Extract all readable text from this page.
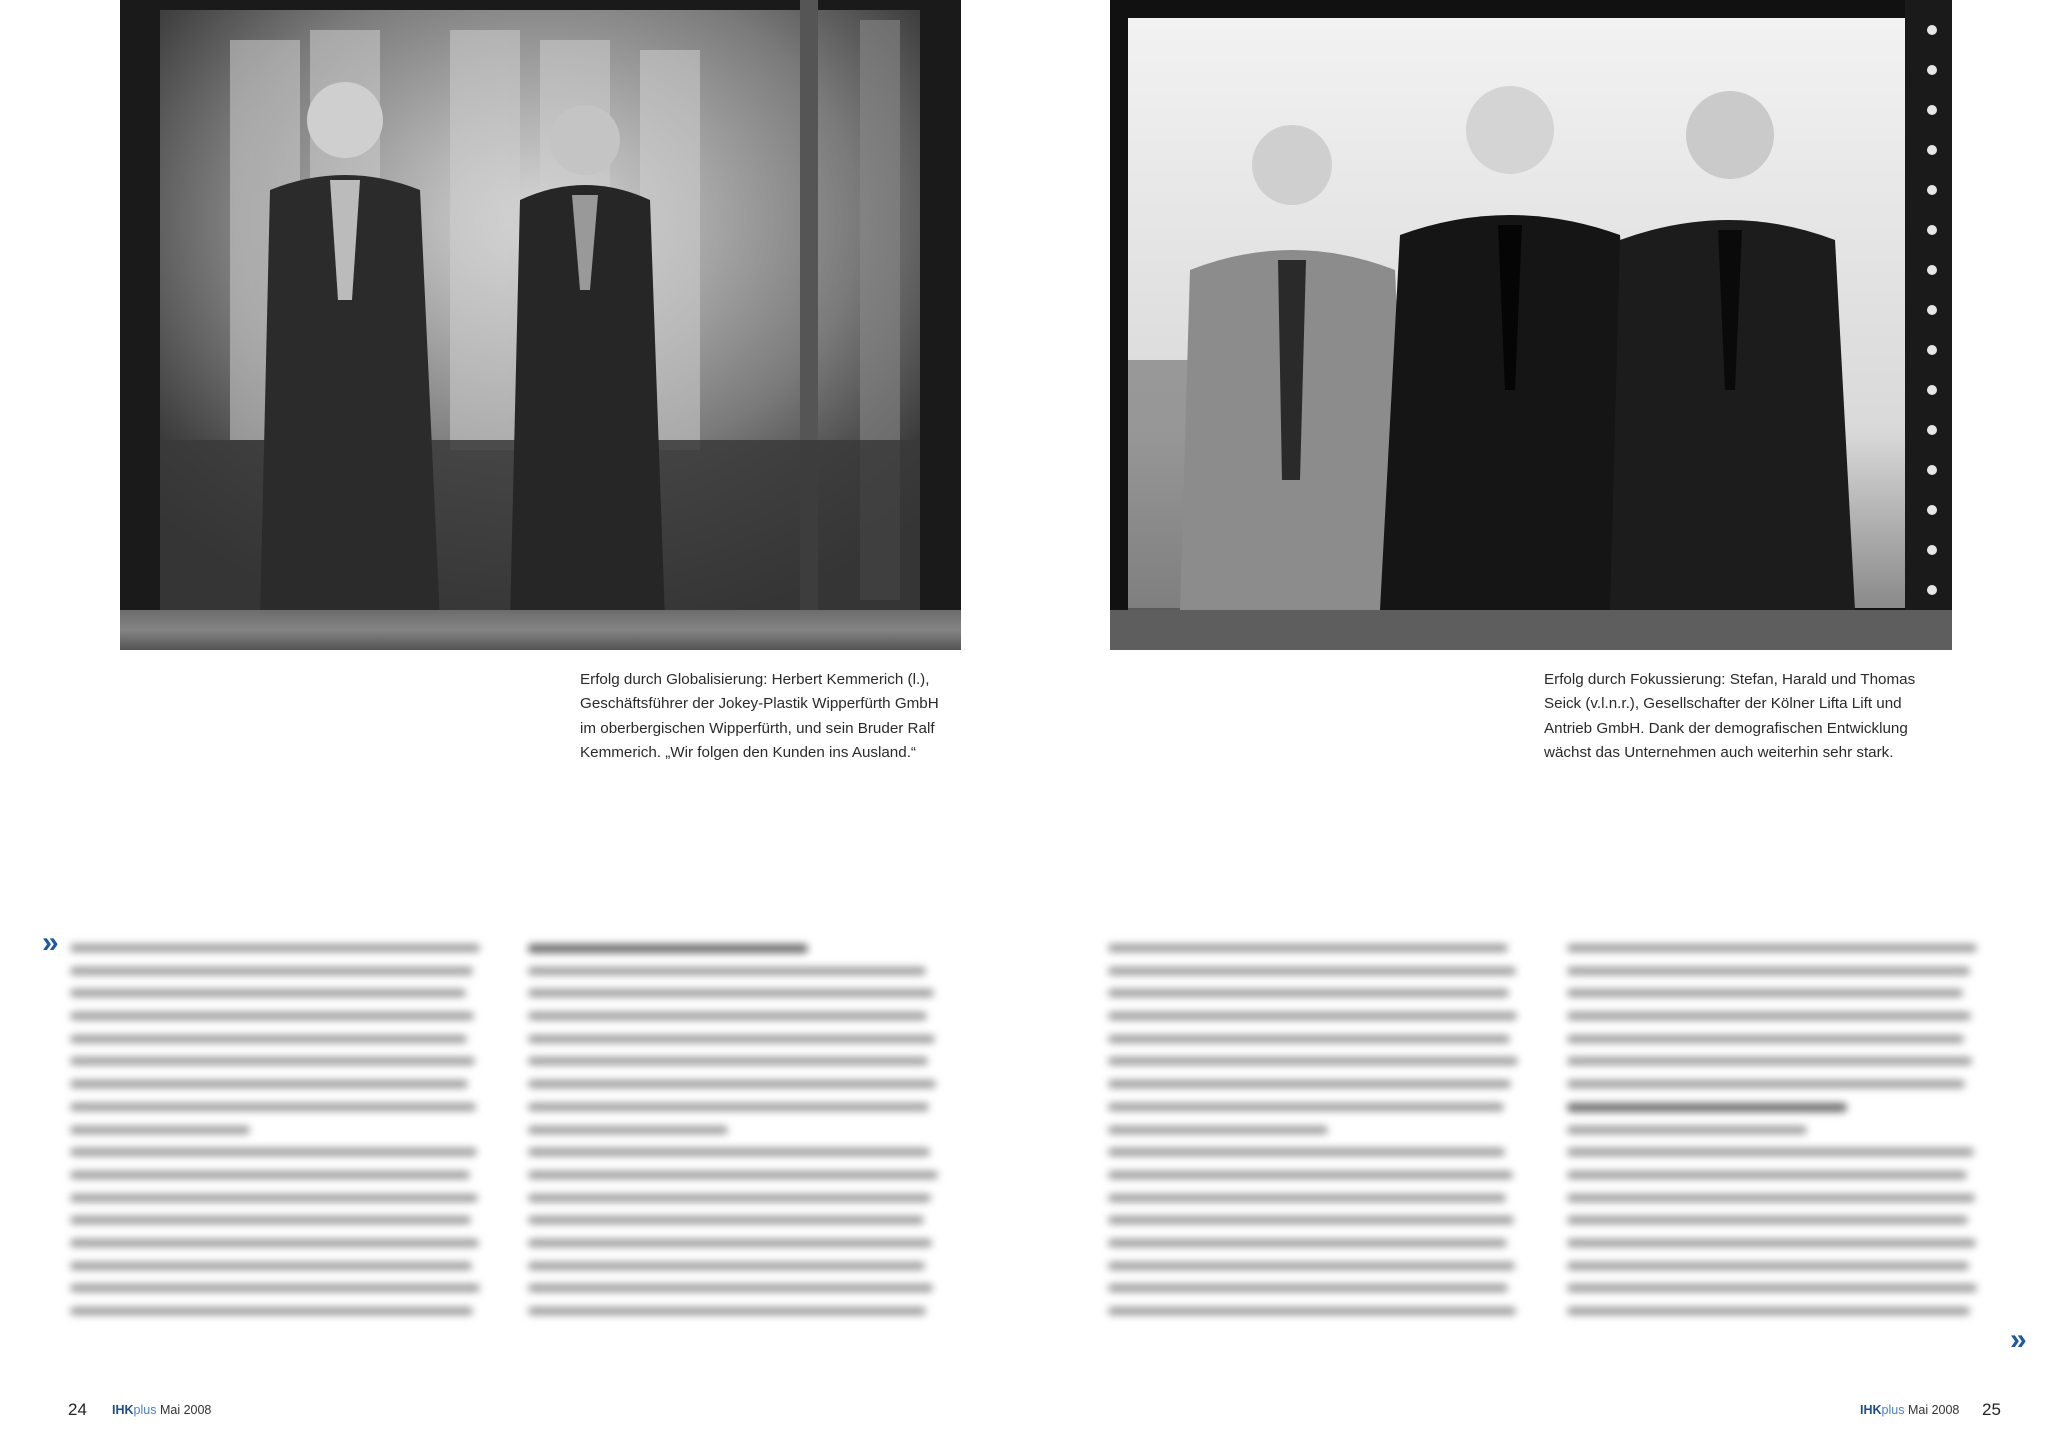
Erfolg durch Globalisierung: Herbert Kemmerich (l.),
Geschäftsführer der Jokey-Plastik Wipperfürth GmbH
im oberbergischen Wipperfürth, und sein Bruder Ralf
Kemmerich. „Wir folgen den Kunden ins Ausland.“
Erfolg durch Fokussierung: Stefan, Harald und Thomas
Seick (v.l.n.r.), Gesellschafter der Kölner Lifta Lift und
Antrieb GmbH. Dank der demografischen Entwicklung
wächst das Unternehmen auch weiterhin sehr stark.
»
»
24 IHKplus Mai 2008	IHKplus Mai 2008 25
